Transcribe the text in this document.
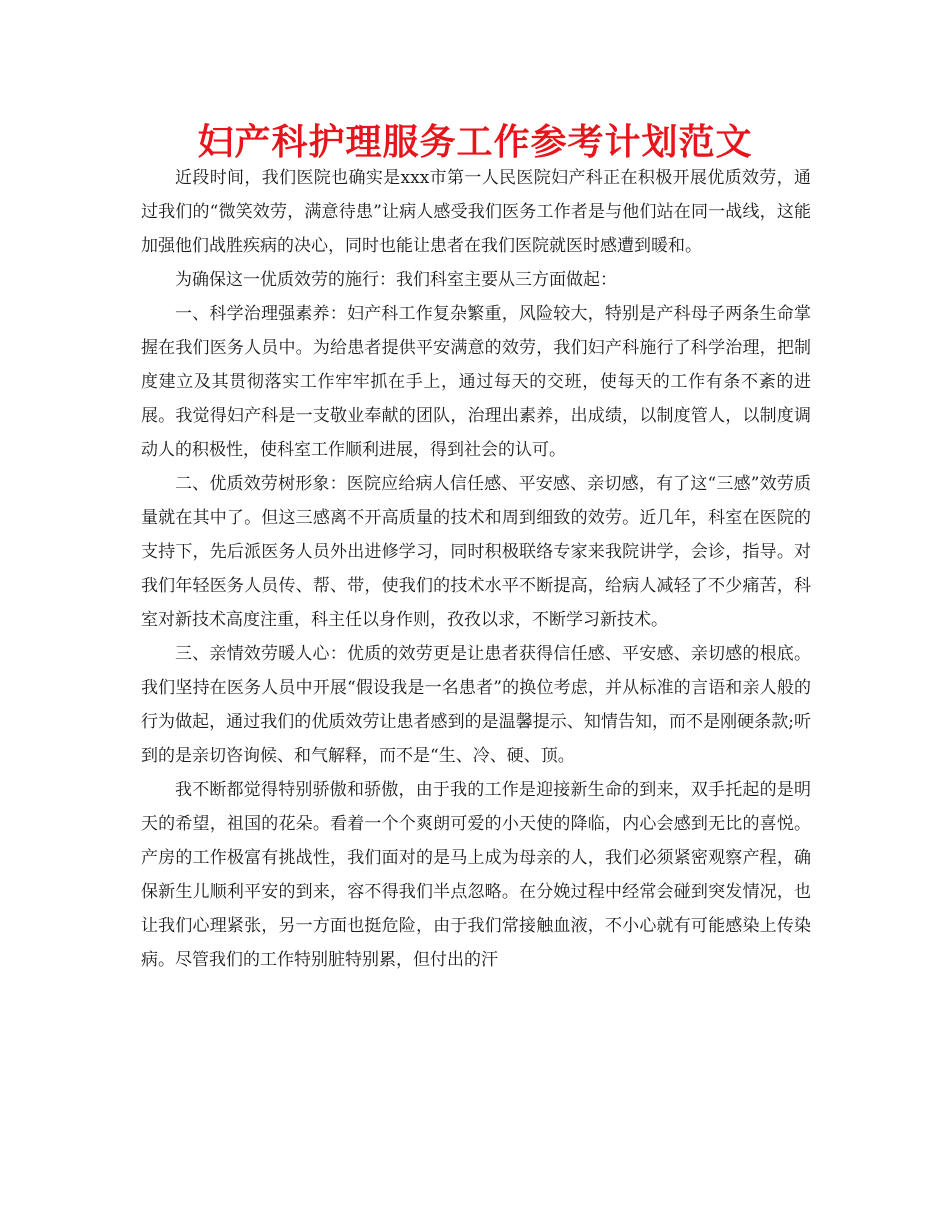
妇产科护理服务工作参考计划范文

近段时间，我们医院也确实是xxx市第一人民医院妇产科正在积极开展优质效劳，通过我们的“微笑效劳，满意待患”让病人感受我们医务工作者是与他们站在同一战线，这能加强他们战胜疾病的决心，同时也能让患者在我们医院就医时感遭到暖和。

为确保这一优质效劳的施行：我们科室主要从三方面做起：

一、科学治理强素养：妇产科工作复杂繁重，风险较大，特别是产科母子两条生命掌握在我们医务人员中。为给患者提供平安满意的效劳，我们妇产科施行了科学治理，把制度建立及其贯彻落实工作牢牢抓在手上，通过每天的交班，使每天的工作有条不紊的进展。我觉得妇产科是一支敬业奉献的团队，治理出素养，出成绩，以制度管人，以制度调动人的积极性，使科室工作顺利进展，得到社会的认可。

二、优质效劳树形象：医院应给病人信任感、平安感、亲切感，有了这“三感”效劳质量就在其中了。但这三感离不开高质量的技术和周到细致的效劳。近几年，科室在医院的支持下，先后派医务人员外出进修学习，同时积极联络专家来我院讲学，会诊，指导。对我们年轻医务人员传、帮、带，使我们的技术水平不断提高，给病人减轻了不少痛苦，科室对新技术高度注重，科主任以身作则，孜孜以求，不断学习新技术。

三、亲情效劳暖人心：优质的效劳更是让患者获得信任感、平安感、亲切感的根底。我们坚持在医务人员中开展“假设我是一名患者”的换位考虑，并从标准的言语和亲人般的行为做起，通过我们的优质效劳让患者感到的是温馨提示、知情告知，而不是刚硬条款;听到的是亲切咨询候、和气解释，而不是“生、冷、硬、顶。

我不断都觉得特别骄傲和骄傲，由于我的工作是迎接新生命的到来，双手托起的是明天的希望，祖国的花朵。看着一个个爽朗可爱的小天使的降临，内心会感到无比的喜悦。产房的工作极富有挑战性，我们面对的是马上成为母亲的人，我们必须紧密观察产程，确保新生儿顺利平安的到来，容不得我们半点忽略。在分娩过程中经常会碰到突发情况，也让我们心理紧张，另一方面也挺危险，由于我们常接触血液，不小心就有可能感染上传染病。尽管我们的工作特别脏特别累，但付出的汗
